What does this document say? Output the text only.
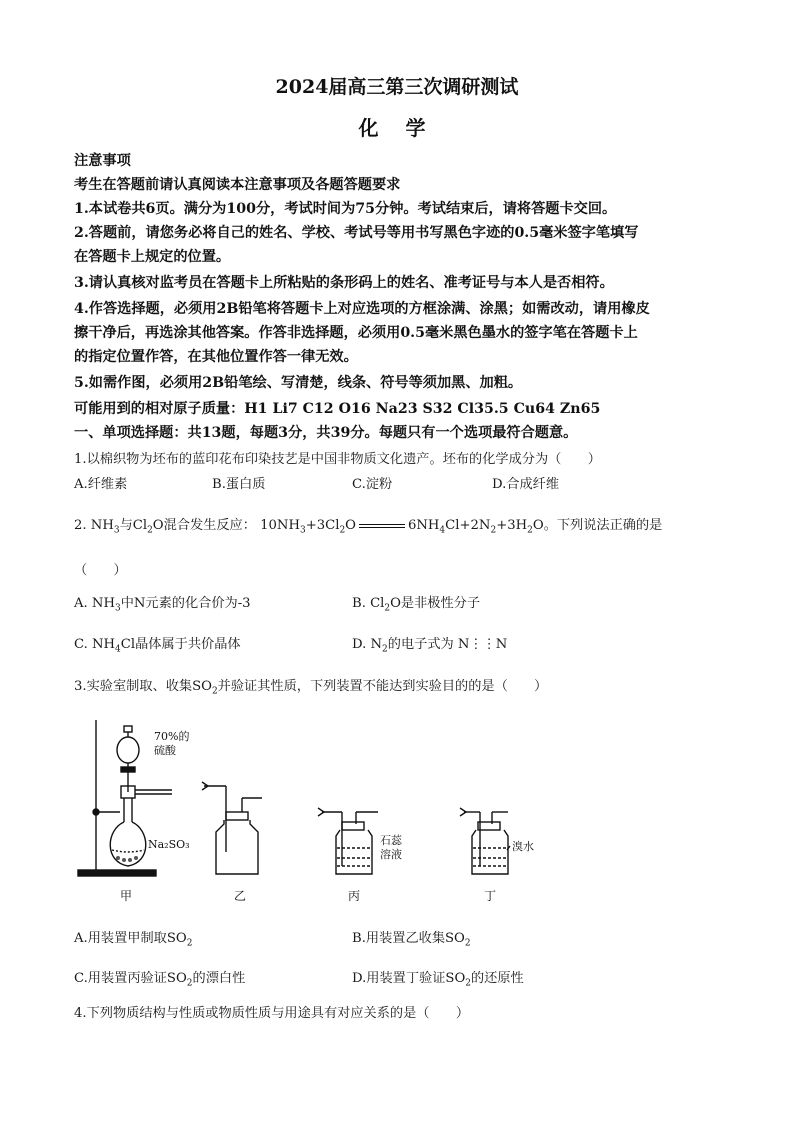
2024届高三第三次调研测试
化 学
注意事项
考生在答题前请认真阅读本注意事项及各题答题要求
1.本试卷共6页。满分为100分，考试时间为75分钟。考试结束后，请将答题卡交回。
2.答题前，请您务必将自己的姓名、学校、考试号等用书写黑色字迹的0.5毫米签字笔填写
在答题卡上规定的位置。
3.请认真核对监考员在答题卡上所粘贴的条形码上的姓名、准考证号与本人是否相符。
4.作答选择题，必须用2B铅笔将答题卡上对应选项的方框涂满、涂黑；如需改动，请用橡皮
擦干净后，再选涂其他答案。作答非选择题，必须用0.5毫米黑色墨水的签字笔在答题卡上
的指定位置作答，在其他位置作答一律无效。
5.如需作图，必须用2B铅笔绘、写清楚，线条、符号等须加黑、加粗。
可能用到的相对原子质量：H1 Li7 C12 O16 Na23 S32 Cl35.5 Cu64 Zn65
一、单项选择题：共13题，每题3分，共39分。每题只有一个选项最符合题意。
1.以棉织物为坯布的蓝印花布印染技艺是中国非物质文化遗产。坯布的化学成分为（　　）
A.纤维素	B.蛋白质	C.淀粉	D.合成纤维
2. $NH_3$与$Cl_2O$混合发生反应： $10NH_3+3Cl_2O$	$6NH_4Cl+2N_2+3H_2O$。下列说法正确的是
（　　）
A. $NH_3$中N元素的化合价为-3	B. $Cl_2O$是非极性分子
C. $NH_4Cl$晶体属于共价晶体	D. $N_2$的电子式为 N⋮⋮N
3.实验室制取、收集$SO_2$并验证其性质，下列装置不能达到实验目的的是（　　）
70%的
硫酸
Na₂SO₃
甲	乙
石蕊
溶液
丙
溴水
丁
A.用装置甲制取$SO_2$	B.用装置乙收集$SO_2$
C.用装置丙验证$SO_2$的漂白性	D.用装置丁验证$SO_2$的还原性
4.下列物质结构与性质或物质性质与用途具有对应关系的是（　　）
